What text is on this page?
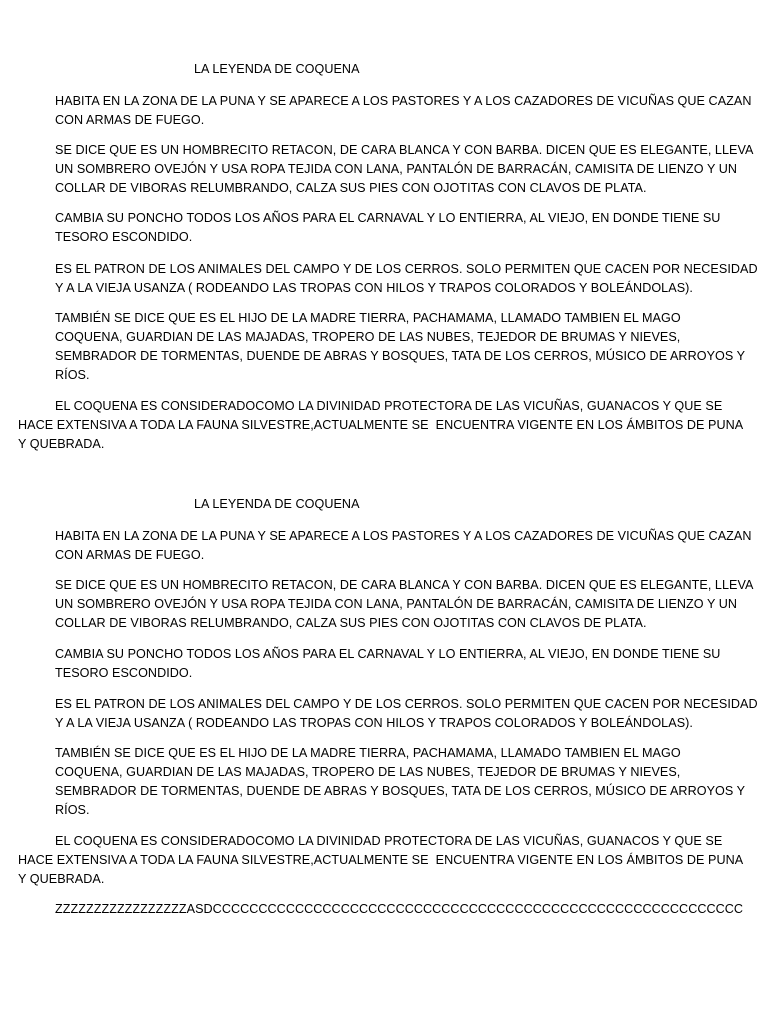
LA LEYENDA DE COQUENA
HABITA EN LA ZONA DE LA PUNA Y SE APARECE A LOS PASTORES Y A LOS CAZADORES DE VICUÑAS QUE CAZAN
CON ARMAS DE FUEGO.
SE DICE QUE ES UN HOMBRECITO RETACON, DE CARA BLANCA Y CON BARBA. DICEN QUE ES ELEGANTE, LLEVA
UN SOMBRERO OVEJÓN Y USA ROPA TEJIDA CON LANA, PANTALÓN DE BARRACÁN, CAMISITA DE LIENZO Y UN
COLLAR DE VIBORAS RELUMBRANDO, CALZA SUS PIES CON OJOTITAS CON CLAVOS DE PLATA.
CAMBIA SU PONCHO TODOS LOS AÑOS PARA EL CARNAVAL Y LO ENTIERRA, AL VIEJO, EN DONDE TIENE SU
TESORO ESCONDIDO.
ES EL PATRON DE LOS ANIMALES DEL CAMPO Y DE LOS CERROS. SOLO PERMITEN QUE CACEN POR NECESIDAD
Y A LA VIEJA USANZA ( RODEANDO LAS TROPAS CON HILOS Y TRAPOS COLORADOS Y BOLEÁNDOLAS).
TAMBIÉN SE DICE QUE ES EL HIJO DE LA MADRE TIERRA, PACHAMAMA, LLAMADO TAMBIEN EL MAGO
COQUENA, GUARDIAN DE LAS MAJADAS, TROPERO DE LAS NUBES, TEJEDOR DE BRUMAS Y NIEVES,
SEMBRADOR DE TORMENTAS, DUENDE DE ABRAS Y BOSQUES, TATA DE LOS CERROS, MÚSICO DE ARROYOS Y
RÍOS.
EL COQUENA ES CONSIDERADOCOMO LA DIVINIDAD PROTECTORA DE LAS VICUÑAS, GUANACOS Y QUE SE
HACE EXTENSIVA A TODA LA FAUNA SILVESTRE,ACTUALMENTE SE  ENCUENTRA VIGENTE EN LOS ÁMBITOS DE PUNA
Y QUEBRADA.
LA LEYENDA DE COQUENA
HABITA EN LA ZONA DE LA PUNA Y SE APARECE A LOS PASTORES Y A LOS CAZADORES DE VICUÑAS QUE CAZAN
CON ARMAS DE FUEGO.
SE DICE QUE ES UN HOMBRECITO RETACON, DE CARA BLANCA Y CON BARBA. DICEN QUE ES ELEGANTE, LLEVA
UN SOMBRERO OVEJÓN Y USA ROPA TEJIDA CON LANA, PANTALÓN DE BARRACÁN, CAMISITA DE LIENZO Y UN
COLLAR DE VIBORAS RELUMBRANDO, CALZA SUS PIES CON OJOTITAS CON CLAVOS DE PLATA.
CAMBIA SU PONCHO TODOS LOS AÑOS PARA EL CARNAVAL Y LO ENTIERRA, AL VIEJO, EN DONDE TIENE SU
TESORO ESCONDIDO.
ES EL PATRON DE LOS ANIMALES DEL CAMPO Y DE LOS CERROS. SOLO PERMITEN QUE CACEN POR NECESIDAD
Y A LA VIEJA USANZA ( RODEANDO LAS TROPAS CON HILOS Y TRAPOS COLORADOS Y BOLEÁNDOLAS).
TAMBIÉN SE DICE QUE ES EL HIJO DE LA MADRE TIERRA, PACHAMAMA, LLAMADO TAMBIEN EL MAGO
COQUENA, GUARDIAN DE LAS MAJADAS, TROPERO DE LAS NUBES, TEJEDOR DE BRUMAS Y NIEVES,
SEMBRADOR DE TORMENTAS, DUENDE DE ABRAS Y BOSQUES, TATA DE LOS CERROS, MÚSICO DE ARROYOS Y
RÍOS.
EL COQUENA ES CONSIDERADOCOMO LA DIVINIDAD PROTECTORA DE LAS VICUÑAS, GUANACOS Y QUE SE
HACE EXTENSIVA A TODA LA FAUNA SILVESTRE,ACTUALMENTE SE  ENCUENTRA VIGENTE EN LOS ÁMBITOS DE PUNA
Y QUEBRADA.
ZZZZZZZZZZZZZZZZZASDCCCCCCCCCCCCCCCCCCCCCCCCCCCCCCCCCCCCCCCCCCCCCCCCCCCCCCCCCC
